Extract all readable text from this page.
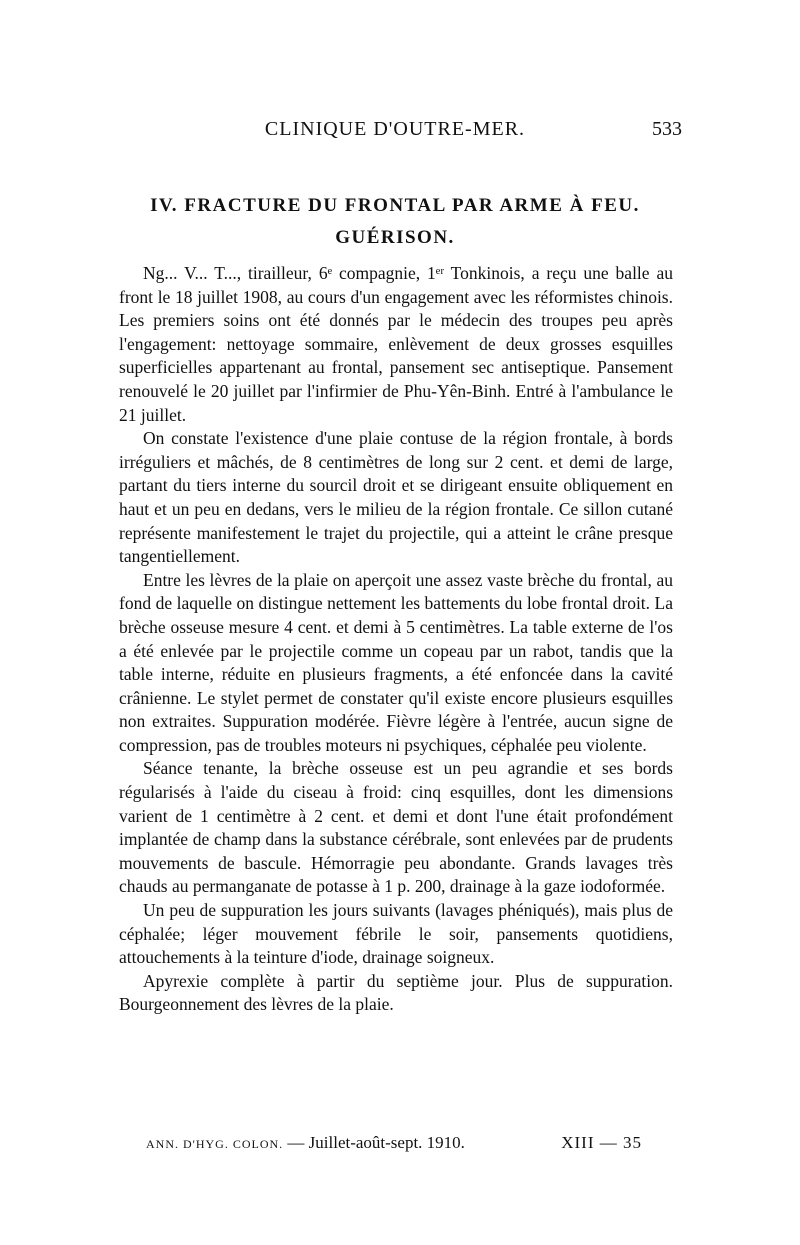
CLINIQUE D'OUTRE-MER.	533
IV. FRACTURE DU FRONTAL PAR ARME À FEU.
GUÉRISON.

Ng... V... T..., tirailleur, 6ᵉ compagnie, 1ᵉʳ Tonkinois, a reçu une balle au front le 18 juillet 1908, au cours d'un engagement avec les réformistes chinois. Les premiers soins ont été donnés par le médecin des troupes peu après l'engagement: nettoyage sommaire, enlèvement de deux grosses esquilles superficielles appartenant au frontal, pansement sec antiseptique. Pansement renouvelé le 20 juillet par l'infirmier de Phu-Yên-Binh. Entré à l'ambulance le 21 juillet.

On constate l'existence d'une plaie contuse de la région frontale, à bords irréguliers et mâchés, de 8 centimètres de long sur 2 cent. et demi de large, partant du tiers interne du sourcil droit et se dirigeant ensuite obliquement en haut et un peu en dedans, vers le milieu de la région frontale. Ce sillon cutané représente manifestement le trajet du projectile, qui a atteint le crâne presque tangentiellement.

Entre les lèvres de la plaie on aperçoit une assez vaste brèche du frontal, au fond de laquelle on distingue nettement les battements du lobe frontal droit. La brèche osseuse mesure 4 cent. et demi à 5 centimètres. La table externe de l'os a été enlevée par le projectile comme un copeau par un rabot, tandis que la table interne, réduite en plusieurs fragments, a été enfoncée dans la cavité crânienne. Le stylet permet de constater qu'il existe encore plusieurs esquilles non extraites. Suppuration modérée. Fièvre légère à l'entrée, aucun signe de compression, pas de troubles moteurs ni psychiques, céphalée peu violente.

Séance tenante, la brèche osseuse est un peu agrandie et ses bords régularisés à l'aide du ciseau à froid: cinq esquilles, dont les dimensions varient de 1 centimètre à 2 cent. et demi et dont l'une était profondément implantée de champ dans la substance cérébrale, sont enlevées par de prudents mouvements de bascule. Hémorragie peu abondante. Grands lavages très chauds au permanganate de potasse à 1 p. 200, drainage à la gaze iodoformée.

Un peu de suppuration les jours suivants (lavages phéniqués), mais plus de céphalée; léger mouvement fébrile le soir, pansements quotidiens, attouchements à la teinture d'iode, drainage soigneux.

Apyrexie complète à partir du septième jour. Plus de suppuration. Bourgeonnement des lèvres de la plaie.

ANN. D'HYG. COLON. — Juillet-août-sept. 1910.	XIII — 35
